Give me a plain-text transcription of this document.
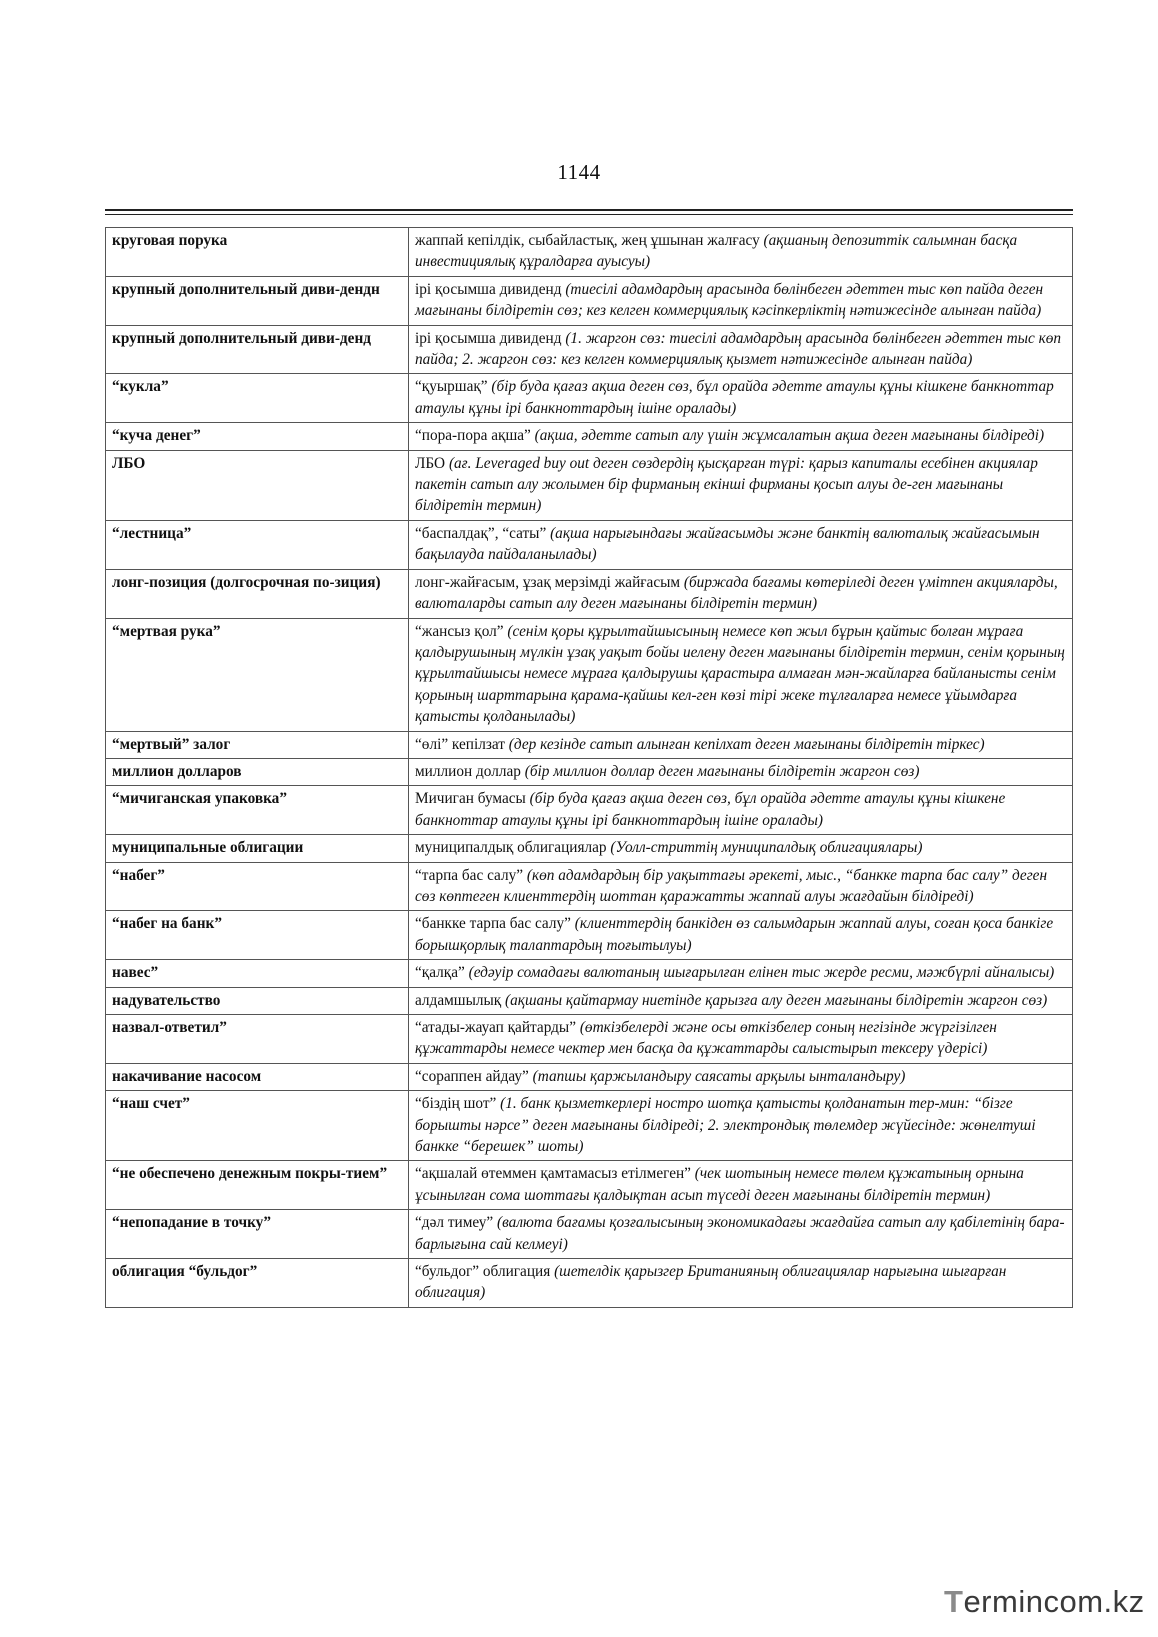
1144
круговая порука	жаппай кепілдік, сыбайластық, жең ұшынан жалғасу (ақшаның депозиттік салымнан басқа инвестициялық құралдарға ауысуы)
крупный дополнительный диви-дендн	ірі қосымша дивиденд (тиесілі адамдардың арасында бөлінбеген әдеттен тыс көп пайда деген мағынаны білдіретін сөз; кез келген коммерциялық кәсіпкерліктің нәтижесінде алынған пайда)
крупный дополнительный диви-денд	ірі қосымша дивиденд (1. жаргон сөз: тиесілі адамдардың арасында бөлінбеген әдеттен тыс көп пайда; 2. жаргон сөз: кез келген коммерциялық қызмет нәтижесінде алынған пайда)
“кукла”	“қуыршақ” (бір буда қағаз ақша деген сөз, бұл орайда әдетте атаулы құны кішкене банкноттар атаулы құны ірі банкноттардың ішіне оралады)
“куча денег”	“пора-пора ақша” (ақша, әдетте сатып алу үшін жұмсалатын ақша деген мағынаны білдіреді)
ЛБО	ЛБО (ағ. Leveraged buy out деген сөздердің қысқарған түрі: қарыз капиталы есебінен акциялар пакетін сатып алу жолымен бір фирманың екінші фирманы қосып алуы де-ген мағынаны білдіретін термин)
“лестница”	“баспалдақ”, “саты” (ақша нарығындағы жайғасымды және банктің валюталық жайғасымын бақылауда пайдаланылады)
лонг-позиция (долгосрочная по-зиция)	лонг-жайғасым, ұзақ мерзімді жайғасым (биржада бағамы көтеріледі деген үмітпен акцияларды, валюталарды сатып алу деген мағынаны білдіретін термин)
“мертвая рука”	“жансыз қол” (сенім қоры құрылтайшысының немесе көп жыл бұрын қайтыс болған мұраға қалдырушының мүлкін ұзақ уақыт бойы иелену деген мағынаны білдіретін термин, сенім қорының құрылтайшысы немесе мұраға қалдырушы қарастыра алмаған мән-жайларға байланысты сенім қорының шарттарына қарама-қайшы кел-ген көзі тірі жеке тұлғаларға немесе ұйымдарға қатысты қолданылады)
“мертвый” залог	“өлі” кепілзат (дер кезінде сатып алынған кепілхат деген мағынаны білдіретін тіркес)
миллион долларов	миллион доллар (бір миллион доллар деген мағынаны білдіретін жаргон сөз)
“мичиганская упаковка”	Мичиган бумасы (бір буда қағаз ақша деген сөз, бұл орайда әдетте атаулы құны кішкене банкноттар атаулы құны ірі банкноттардың ішіне оралады)
муниципальные облигации	муниципалдық облигациялар (Уолл-стриттің муниципалдық облигациялары)
“набег”	“тарпа бас салу” (көп адамдардың бір уақыттағы әрекеті, мыс., “банкке тарпа бас салу” деген сөз көптеген клиенттердің шоттан қаражатты жаппай алуы жағдайын білдіреді)
“набег на банк”	“банкке тарпа бас салу” (клиенттердің банкіден өз салымдарын жаппай алуы, соған қоса банкіге борышқорлық талаптардың тоғытылуы)
навес”	“қалқа” (едәуір сомадағы валютаның шығарылған елінен тыс жерде ресми, мәжбүрлі айналысы)
надувательство	алдамшылық (ақшаны қайтармау ниетінде қарызға алу деген мағынаны білдіретін жаргон сөз)
назвал-ответил”	“атады-жауап қайтарды” (өткізбелерді және осы өткізбелер соның негізінде жүргізілген құжаттарды немесе чектер мен басқа да құжаттарды салыстырып тексеру үдерісі)
накачивание насосом	“сораппен айдау” (тапшы қаржыландыру саясаты арқылы ынталандыру)
“наш счет”	“біздің шот” (1. банк қызметкерлері ностро шотқа қатысты қолданатын тер-мин: “бізге борышты нәрсе” деген мағынаны білдіреді; 2. электрондық төлемдер жүйесінде: жөнелтуші банкке “берешек” шоты)
“не обеспечено денежным покры-тием”	“ақшалай өтеммен қамтамасыз етілмеген” (чек шотының немесе төлем құжатының орнына ұсынылған сома шоттағы қалдықтан асып түседі деген мағынаны білдіретін термин)
“непопадание в точку”	“дәл тимеу” (валюта бағамы қозғалысының экономикадағы жағдайға сатып алу қабілетінің бара-барлығына сай келмеуі)
облигация “бульдог”	“бульдог” облигация (шетелдік қарызгер Британияның облигациялар нарығына шығарған облигация)
Termincom.kz
